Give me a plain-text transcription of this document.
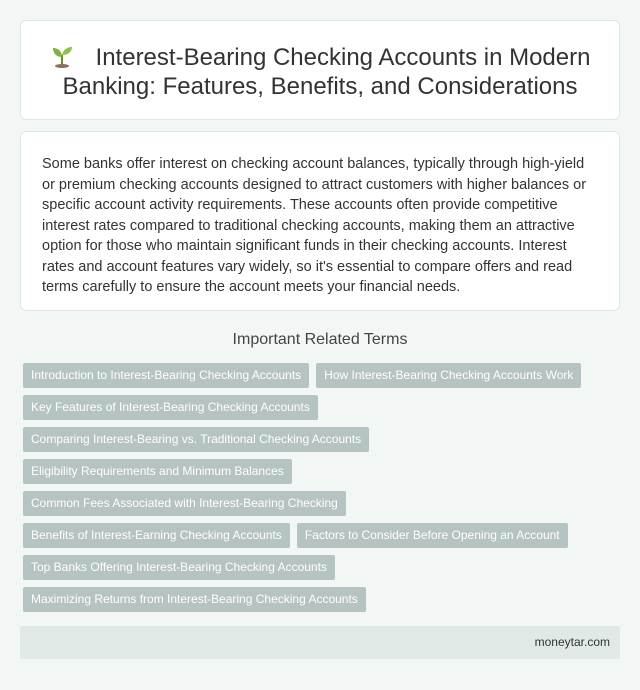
Interest-Bearing Checking Accounts in Modern Banking: Features, Benefits, and Considerations

Some banks offer interest on checking account balances, typically through high-yield or premium checking accounts designed to attract customers with higher balances or specific account activity requirements. These accounts often provide competitive interest rates compared to traditional checking accounts, making them an attractive option for those who maintain significant funds in their checking accounts. Interest rates and account features vary widely, so it's essential to compare offers and read terms carefully to ensure the account meets your financial needs.

Important Related Terms
Introduction to Interest-Bearing Checking Accounts How Interest-Bearing Checking Accounts Work
Key Features of Interest-Bearing Checking Accounts
Comparing Interest-Bearing vs. Traditional Checking Accounts
Eligibility Requirements and Minimum Balances
Common Fees Associated with Interest-Bearing Checking
Benefits of Interest-Earning Checking Accounts Factors to Consider Before Opening an Account
Top Banks Offering Interest-Bearing Checking Accounts
Maximizing Returns from Interest-Bearing Checking Accounts
moneytar.com
